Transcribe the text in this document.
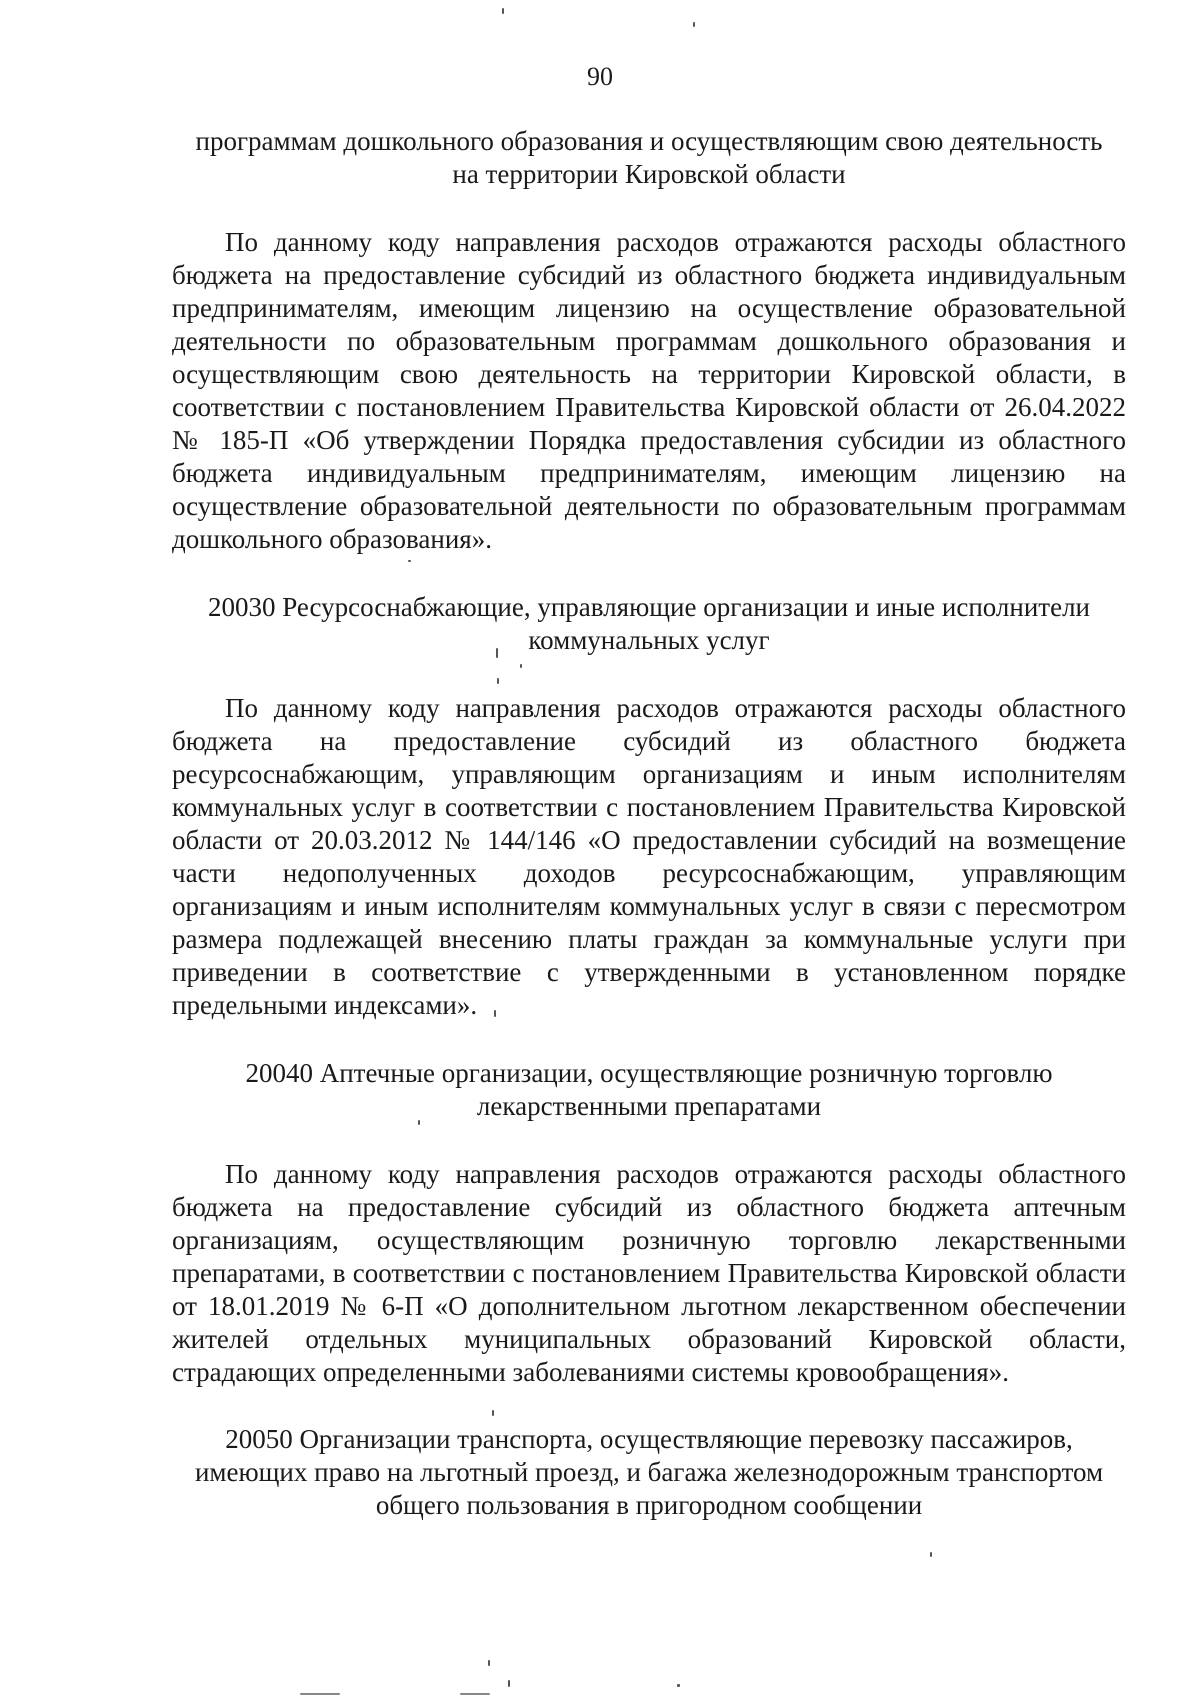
90
программам дошкольного образования и осуществляющим свою деятельность
на территории Кировской области

По данному коду направления расходов отражаются расходы областного бюджета на предоставление субсидий из областного бюджета индивидуальным предпринимателям, имеющим лицензию на осуществление образовательной деятельности по образовательным программам дошкольного образования и осуществляющим свою деятельность на территории Кировской области, в соответствии с постановлением Правительства Кировской области от 26.04.2022 № 185-П «Об утверждении Порядка предоставления субсидии из областного бюджета индивидуальным предпринимателям, имеющим лицензию на осуществление образовательной деятельности по образовательным программам дошкольного образования».

20030 Ресурсоснабжающие, управляющие организации и иные исполнители
коммунальных услуг

По данному коду направления расходов отражаются расходы областного бюджета на предоставление субсидий из областного бюджета ресурсоснабжающим, управляющим организациям и иным исполнителям коммунальных услуг в соответствии с постановлением Правительства Кировской области от 20.03.2012 № 144/146 «О предоставлении субсидий на возмещение части недополученных доходов ресурсоснабжающим, управляющим организациям и иным исполнителям коммунальных услуг в связи с пересмотром размера подлежащей внесению платы граждан за коммунальные услуги при приведении в соответствие с утвержденными в установленном порядке предельными индексами».

20040 Аптечные организации, осуществляющие розничную торговлю
лекарственными препаратами

По данному коду направления расходов отражаются расходы областного бюджета на предоставление субсидий из областного бюджета аптечным организациям, осуществляющим розничную торговлю лекарственными препаратами, в соответствии с постановлением Правительства Кировской области от 18.01.2019 № 6-П «О дополнительном льготном лекарственном обеспечении жителей отдельных муниципальных образований Кировской области, страдающих определенными заболеваниями системы кровообращения».

20050 Организации транспорта, осуществляющие перевозку пассажиров,
имеющих право на льготный проезд, и багажа железнодорожным транспортом
общего пользования в пригородном сообщении
